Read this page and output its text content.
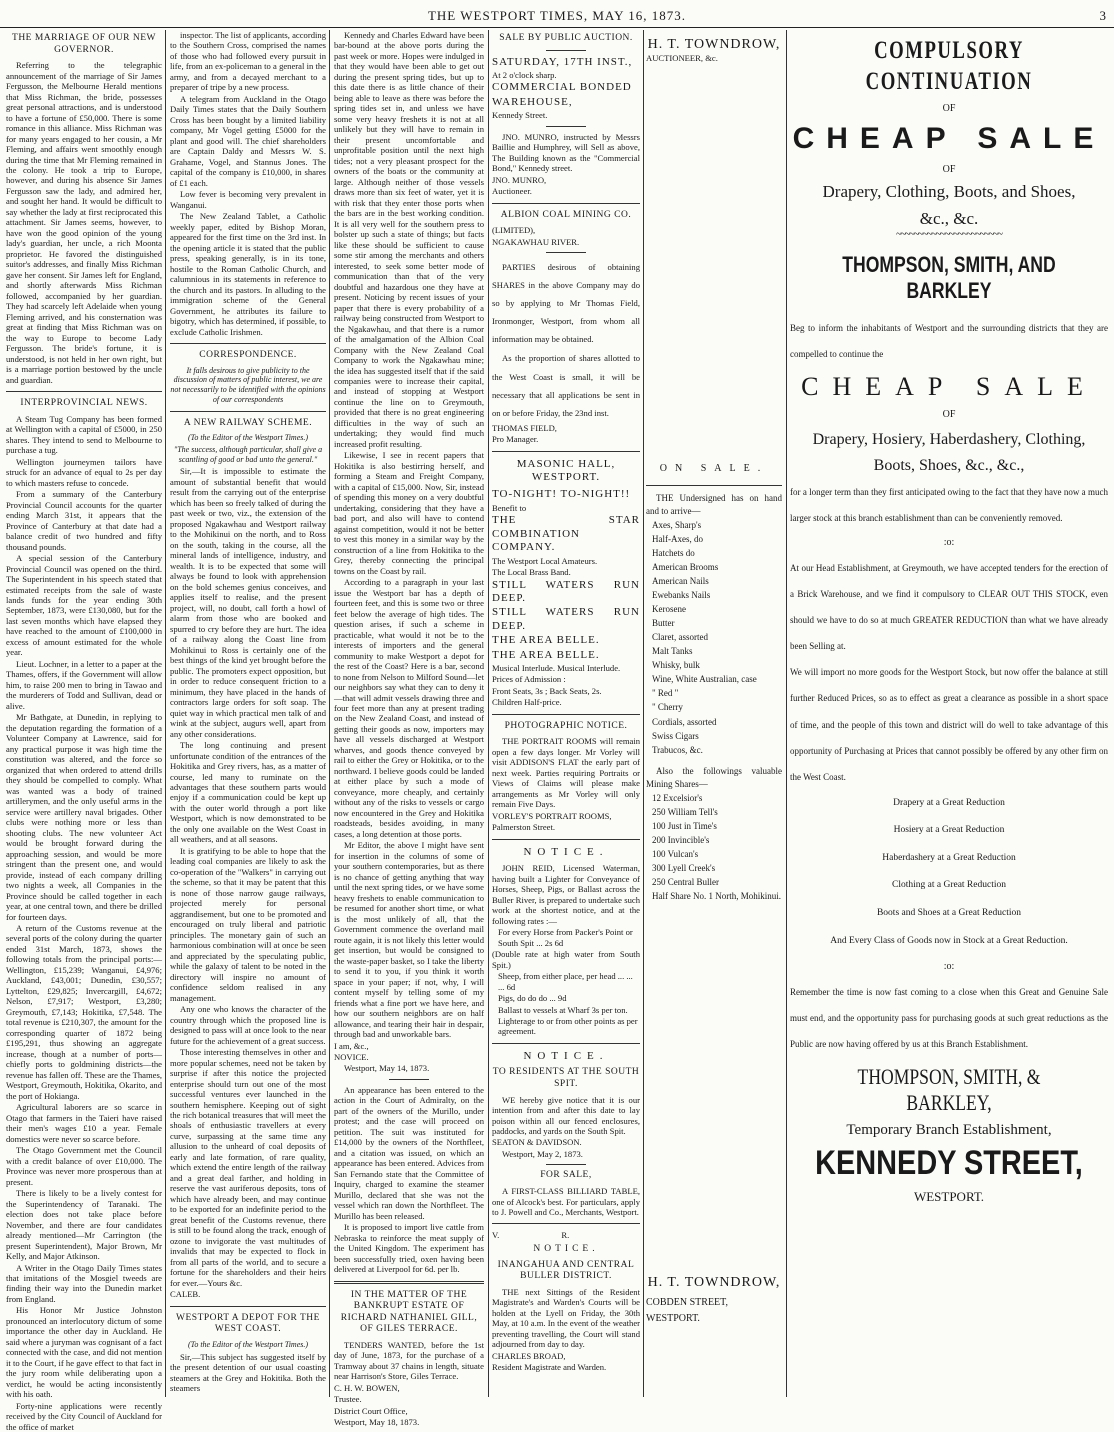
THE WESTPORT TIMES, MAY 16, 1873.	3
THE MARRIAGE OF OUR NEW GOVERNOR.

Referring to the telegraphic announcement of the marriage of Sir James Fergusson, the Melbourne Herald mentions that Miss Richman, the bride, possesses great personal attractions, and is understood to have a fortune of £50,000. There is some romance in this alliance. Miss Richman was for many years engaged to her cousin, a Mr Fleming, and affairs went smoothly enough during the time that Mr Fleming remained in the colony. He took a trip to Europe, however, and during his absence Sir James Fergusson saw the lady, and admired her, and sought her hand. It would be difficult to say whether the lady at first reciprocated this attachment. Sir James seems, however, to have won the good opinion of the young lady's guardian, her uncle, a rich Moonta proprietor. He favored the distinguished suitor's addresses, and finally Miss Richman gave her consent. Sir James left for England, and shortly afterwards Miss Richman followed, accompanied by her guardian. They had scarcely left Adelaide when young Fleming arrived, and his consternation was great at finding that Miss Richman was on the way to Europe to become Lady Fergusson. The bride's fortune, it is understood, is not held in her own right, but is a marriage portion bestowed by the uncle and guardian.

INTERPROVINCIAL NEWS.

A Steam Tug Company has been formed at Wellington with a capital of £5000, in 250 shares. They intend to send to Melbourne to purchase a tug.

Wellington journeymen tailors have struck for an advance of equal to 2s per day to which masters refuse to concede.

From a summary of the Canterbury Provincial Council accounts for the quarter ending March 31st, it appears that the Province of Canterbury at that date had a balance credit of two hundred and fifty thousand pounds.

A special session of the Canterbury Provincial Council was opened on the third. The Superintendent in his speech stated that estimated receipts from the sale of waste lands funds for the year ending 30th September, 1873, were £130,080, but for the last seven months which have elapsed they have reached to the amount of £100,000 in excess of amount estimated for the whole year.

Lieut. Lochner, in a letter to a paper at the Thames, offers, if the Government will allow him, to raise 200 men to bring in Tawao and the murderers of Todd and Sullivan, dead or alive.

Mr Bathgate, at Dunedin, in replying to the deputation regarding the formation of a Volunteer Company at Lawrence, said for any practical purpose it was high time the constitution was altered, and the force so organized that when ordered to attend drills they should be compelled to comply. What was wanted was a body of trained artillerymen, and the only useful arms in the service were artillery naval brigades. Other clubs were nothing more or less than shooting clubs. The new volunteer Act would be brought forward during the approaching session, and would be more stringent than the present one, and would provide, instead of each company drilling two nights a week, all Companies in the Province should be called together in each year, at one central town, and there be drilled for fourteen days.

A return of the Customs revenue at the several ports of the colony during the quarter ended 31st March, 1873, shows the following totals from the principal ports:—Wellington, £15,239; Wanganui, £4,976; Auckland, £43,001; Dunedin, £30,557; Lyttelton, £29,825; Invercargill, £4,672; Nelson, £7,917; Westport, £3,280; Greymouth, £7,143; Hokitika, £7,548. The total revenue is £210,307, the amount for the corresponding quarter of 1872 being £195,291, thus showing an aggregate increase, though at a number of ports—chiefly ports to goldmining districts—the revenue has fallen off. These are the Thames, Westport, Greymouth, Hokitika, Okarito, and the port of Hokianga.

Agricultural laborers are so scarce in Otago that farmers in the Taieri have raised their men's wages £10 a year. Female domestics were never so scarce before.

The Otago Government met the Council with a credit balance of over £10,000. The Province was never more prosperous than at present.

There is likely to be a lively contest for the Superintendency of Taranaki. The election does not take place before November, and there are four candidates already mentioned—Mr Carrington (the present Superintendent), Major Brown, Mr Kelly, and Major Atkinson.

A Writer in the Otago Daily Times states that imitations of the Mosgiel tweeds are finding their way into the Dunedin market from England.

His Honor Mr Justice Johnston pronounced an interlocutory dictum of some importance the other day in Auckland. He said where a juryman was cognisant of a fact connected with the case, and did not mention it to the Court, if he gave effect to that fact in the jury room while deliberating upon a verdict, he would be acting inconsistently with his oath.

Forty-nine applications were recently received by the City Council of Auckland for the office of market

inspector. The list of applicants, according to the Southern Cross, comprised the names of those who had followed every pursuit in life, from an ex-policeman to a general in the army, and from a decayed merchant to a preparer of tripe by a new process.

A telegram from Auckland in the Otago Daily Times states that the Daily Southern Cross has been bought by a limited liability company, Mr Vogel getting £5000 for the plant and good will. The chief shareholders are Captain Daldy and Messrs W. S. Grahame, Vogel, and Stannus Jones. The capital of the company is £10,000, in shares of £1 each.

Low fever is becoming very prevalent in Wanganui.

The New Zealand Tablet, a Catholic weekly paper, edited by Bishop Moran, appeared for the first time on the 3rd inst. In the opening article it is stated that the public press, speaking generally, is in its tone, hostile to the Roman Catholic Church, and calumnious in its statements in reference to the church and its pastors. In alluding to the immigration scheme of the General Government, he attributes its failure to bigotry, which has determined, if possible, to exclude Catholic Irishmen.

CORRESPONDENCE.
It falls desirous to give publicity to the discussion of matters of public interest, we are not necessarily to be identified with the opinions of our correspondents
A NEW RAILWAY SCHEME.
(To the Editor of the Westport Times.)
"The success, although particular, shall give a scantling of good or bad unto the general."

Sir,—It is impossible to estimate the amount of substantial benefit that would result from the carrying out of the enterprise which has been so freely talked of during the past week or two, viz., the extension of the proposed Ngakawhau and Westport railway to the Mohikinui on the north, and to Ross on the south, taking in the course, all the mineral lands of intelligence, industry, and wealth. It is to be expected that some will always be found to look with apprehension on the bold schemes genius conceives, and applies itself to realise, and the present project, will, no doubt, call forth a howl of alarm from those who are booked and spurred to cry before they are hurt. The idea of a railway along the Coast line from Mohikinui to Ross is certainly one of the best things of the kind yet brought before the public. The promoters expect opposition, but in order to reduce consequent friction to a minimum, they have placed in the hands of contractors large orders for soft soap. The quiet way in which practical men talk of and wink at the subject, augurs well, apart from any other considerations.

The long continuing and present unfortunate condition of the entrances of the Hokitika and Grey rivers, has, as a matter of course, led many to ruminate on the advantages that these southern parts would enjoy if a communication could be kept up with the outer world through a port like Westport, which is now demonstrated to be the only one available on the West Coast in all weathers, and at all seasons.

It is gratifying to be able to hope that the leading coal companies are likely to ask the co-operation of the "Walkers" in carrying out the scheme, so that it may be patent that this is none of those narrow gauge railways, projected merely for personal aggrandisement, but one to be promoted and encouraged on truly liberal and patriotic principles. The monetary gain of such an harmonious combination will at once be seen and appreciated by the speculating public, while the galaxy of talent to be noted in the directory will inspire no amount of confidence seldom realised in any management.

Any one who knows the character of the country through which the proposed line is designed to pass will at once look to the near future for the achievement of a great success.

Those interesting themselves in other and more popular schemes, need not be taken by surprise if after this notice the projected enterprise should turn out one of the most successful ventures ever launched in the southern hemisphere. Keeping out of sight the rich botanical treasures that will meet the shoals of enthusiastic travellers at every curve, surpassing at the same time any allusion to the unheard of coal deposits of early and late formation, of rare quality, which extend the entire length of the railway and a great deal farther, and holding in reserve the vast auriferous deposits, tons of which have already been, and may continue to be exported for an indefinite period to the great benefit of the Customs revenue, there is still to be found along the track, enough of ozone to invigorate the vast multitudes of invalids that may be expected to flock in from all parts of the world, and to secure a fortune for the shareholders and their heirs for ever.—Yours &c.

CALEB.

WESTPORT A DEPOT FOR THE WEST COAST.
(To the Editor of the Westport Times.)

Sir,—This subject has suggested itself by the present detention of our usual coasting steamers at the Grey and Hokitika. Both the steamers

Kennedy and Charles Edward have been bar-bound at the above ports during the past week or more. Hopes were indulged in that they would have been able to get out during the present spring tides, but up to this date there is as little chance of their being able to leave as there was before the spring tides set in, and unless we have some very heavy freshets it is not at all unlikely but they will have to remain in their present uncomfortable and unprofitable position until the next high tides; not a very pleasant prospect for the owners of the boats or the community at large. Although neither of those vessels draws more than six feet of water, yet it is with risk that they enter those ports when the bars are in the best working condition. It is all very well for the southern press to bolster up such a state of things; but facts like these should be sufficient to cause some stir among the merchants and others interested, to seek some better mode of communication than that of the very doubtful and hazardous one they have at present. Noticing by recent issues of your paper that there is every probability of a railway being constructed from Westport to the Ngakawhau, and that there is a rumor of the amalgamation of the Albion Coal Company with the New Zealand Coal Company to work the Ngakawhau mine; the idea has suggested itself that if the said companies were to increase their capital, and instead of stopping at Westport continue the line on to Greymouth, provided that there is no great engineering difficulties in the way of such an undertaking; they would find much increased profit resulting.

Likewise, I see in recent papers that Hokitika is also bestirring herself, and forming a Steam and Freight Company, with a capital of £15,000. Now, Sir, instead of spending this money on a very doubtful undertaking, considering that they have a bad port, and also will have to contend against competition, would it not be better to vest this money in a similar way by the construction of a line from Hokitika to the Grey, thereby connecting the principal towns on the Coast by rail.

According to a paragraph in your last issue the Westport bar has a depth of fourteen feet, and this is some two or three feet below the average of high tides. The question arises, if such a scheme in practicable, what would it not be to the interests of importers and the general community to make Westport a depot for the rest of the Coast? Here is a bar, second to none from Nelson to Milford Sound—let our neighbors say what they can to deny it—that will admit vessels drawing three and four feet more than any at present trading on the New Zealand Coast, and instead of getting their goods as now, importers may have all vessels discharged at Westport wharves, and goods thence conveyed by rail to either the Grey or Hokitika, or to the northward. I believe goods could be landed at either place by such a mode of conveyance, more cheaply, and certainly without any of the risks to vessels or cargo now encountered in the Grey and Hokitika roadsteads, besides avoiding, in many cases, a long detention at those ports.

Mr Editor, the above I might have sent for insertion in the columns of some of your southern contemporaries, but as there is no chance of getting anything that way until the next spring tides, or we have some heavy freshets to enable communication to be resumed for another short time, or what is the most unlikely of all, that the Government commence the overland mail route again, it is not likely this letter would get insertion, but would be consigned to the waste-paper basket, so I take the liberty to send it to you, if you think it worth space in your paper; if not, why, I will content myself by telling some of my friends what a fine port we have here, and how our southern neighbors are on half allowance, and tearing their hair in despair, through bad and unworkable bars.

I am, &c.,

NOVICE.

Westport, May 14, 1873.

An appearance has been entered to the action in the Court of Admiralty, on the part of the owners of the Murillo, under protest; and the case will proceed on petition. The suit was instituted for £14,000 by the owners of the Northfleet, and a citation was issued, on which an appearance has been entered. Advices from San Fernando state that the Committee of Inquiry, charged to examine the steamer Murillo, declared that she was not the vessel which ran down the Northfleet. The Murillo has been released.

It is proposed to import live cattle from Nebraska to reinforce the meat supply of the United Kingdom. The experiment has been successfully tried, oxen having been delivered at Liverpool for 6d. per lb.

IN THE MATTER OF THE BANKRUPT ESTATE OF RICHARD NATHANIEL GILL, OF GILES TERRACE.

TENDERS WANTED, before the 1st day of June, 1873, for the purchase of a Tramway about 37 chains in length, situate near Harrison's Store, Giles Terrace.

C. H. W. BOWEN,

Trustee.

District Court Office,

Westport, May 18, 1873.

SALE BY PUBLIC AUCTION.

SATURDAY, 17TH INST.,

At 2 o'clock sharp.

COMMERCIAL BONDED

WAREHOUSE,

Kennedy Street.

JNO. MUNRO, instructed by Messrs Baillie and Humphrey, will Sell as above, The Building known as the "Commercial Bond," Kennedy street.

JNO. MUNRO,

Auctioneer.

ALBION COAL MINING CO.

(LIMITED),

NGAKAWHAU RIVER.

PARTIES desirous of obtaining SHARES in the above Company may do so by applying to Mr Thomas Field, Ironmonger, Westport, from whom all information may be obtained.

As the proportion of shares allotted to the West Coast is small, it will be necessary that all applications be sent in on or before Friday, the 23nd inst.

THOMAS FIELD,

Pro Manager.

MASONIC HALL, WESTPORT.

TO-NIGHT! TO-NIGHT!!

Benefit to

THE STAR COMBINATION COMPANY.

The Westport Local Amateurs.

The Local Brass Band.

STILL WATERS RUN DEEP.

STILL WATERS RUN DEEP.

THE AREA BELLE.

THE AREA BELLE.

Musical Interlude. Musical Interlude.

Prices of Admission :

Front Seats, 3s ; Back Seats, 2s.

Children Half-price.

PHOTOGRAPHIC NOTICE.

THE PORTRAIT ROOMS will remain open a few days longer. Mr Vorley will visit ADDISON'S FLAT the early part of next week. Parties requiring Portraits or Views of Claims will please make arrangements as Mr Vorley will only remain Five Days.

VORLEY'S PORTRAIT ROOMS,

Palmerston Street.

NOTICE.

JOHN REID, Licensed Waterman, having built a Lighter for Conveyance of Horses, Sheep, Pigs, or Ballast across the Buller River, is prepared to undertake such work at the shortest notice, and at the following rates :—

For every Horse from Packer's Point or South Spit ... 2s 6d

(Double rate at high water from South Spit.)

Sheep, from either place, per head ... ... ... 6d

Pigs, do do do ... 9d

Ballast to vessels at Wharf 3s per ton.

Lighterage to or from other points as per agreement.

NOTICE.
TO RESIDENTS AT THE SOUTH SPIT.

WE hereby give notice that it is our intention from and after this date to lay poison within all our fenced enclosures, paddocks, and yards on the South Spit.

SEATON & DAVIDSON.

Westport, May 2, 1873.

FOR SALE,

A FIRST-CLASS BILLIARD TABLE, one of Alcock's best. For particulars, apply to J. Powell and Co., Merchants, Westport.

V.	R.

NOTICE.
INANGAHUA AND CENTRAL BULLER DISTRICT.

THE next Sittings of the Resident Magistrate's and Warden's Courts will be holden at the Lyell on Friday, the 30th May, at 10 a.m. In the event of the weather preventing travelling, the Court will stand adjourned from day to day.

CHARLES BROAD,

Resident Magistrate and Warden.

H. T. TOWNDROW,

AUCTIONEER, &c.

ON SALE.

THE Undersigned has on hand and to arrive—

Axes, Sharp's

Half-Axes, do

Hatchets do

American Brooms

American Nails

Ewebanks Nails

Kerosene

Butter

Claret, assorted

Malt Tanks

Whisky, bulk

Wine, White Australian, case

" Red "

" Cherry

Cordials, assorted

Swiss Cigars

Trabucos, &c.

Also the followings valuable Mining Shares—

12 Excelsior's

250 William Tell's

100 Just in Time's

200 Invincible's

100 Vulcan's

300 Lyell Creek's

250 Central Buller

Half Share No. 1 North, Mohikinui.

H. T. TOWNDROW,

COBDEN STREET,

WESTPORT.

COMPULSORY CONTINUATION
OF
CHEAP SALE
OF
Drapery, Clothing, Boots, and Shoes,
&c., &c.
~~~~~~~~~~~~~~~~~~~~~~~~
THOMPSON, SMITH, AND BARKLEY
Beg to inform the inhabitants of Westport and the surrounding districts that they are compelled to continue the
CHEAP SALE
OF
Drapery, Hosiery, Haberdashery, Clothing, Boots, Shoes, &c., &c.,
for a longer term than they first anticipated owing to the fact that they have now a much larger stock at this branch establishment than can be conveniently removed.
:o:
At our Head Establishment, at Greymouth, we have accepted tenders for the erection of a Brick Warehouse, and we find it compulsory to CLEAR OUT THIS STOCK, even should we have to do so at much GREATER REDUCTION than what we have already been Selling at.
We will import no more goods for the Westport Stock, but now offer the balance at still further Reduced Prices, so as to effect as great a clearance as possible in a short space of time, and the people of this town and district will do well to take advantage of this opportunity of Purchasing at Prices that cannot possibly be offered by any other firm on the West Coast.
Drapery at a Great Reduction
Hosiery at a Great Reduction
Haberdashery at a Great Reduction
Clothing at a Great Reduction
Boots and Shoes at a Great Reduction
And Every Class of Goods now in Stock at a Great Reduction.
:o:
Remember the time is now fast coming to a close when this Great and Genuine Sale must end, and the opportunity pass for purchasing goods at such great reductions as the Public are now having offered by us at this Branch Establishment.
THOMPSON, SMITH, & BARKLEY,
Temporary Branch Establishment,
KENNEDY STREET,
WESTPORT.
